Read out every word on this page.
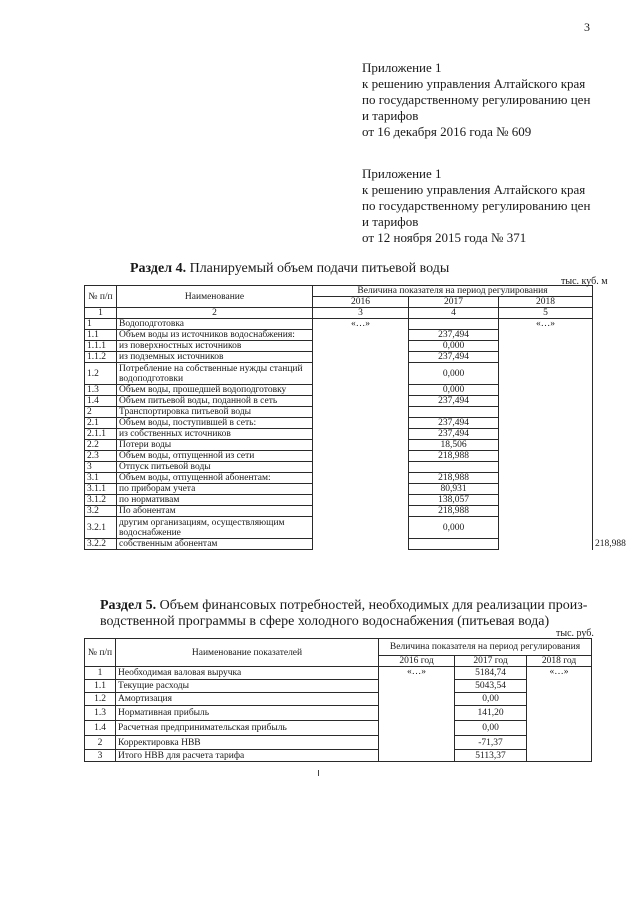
3
Приложение 1
к решению управления Алтайского края
по государственному регулированию цен
и тарифов
от 16 декабря 2016 года № 609
Приложение 1
к решению управления Алтайского края
по государственному регулированию цен
и тарифов
от 12 ноября 2015 года № 371
Раздел 4. Планируемый объем подачи питьевой воды
тыс. куб. м
№ п/п	Наименование	Величина показателя на период регулирования			
		2016	2017	2018	
1	2	3	4	5	
1	Водоподготовка	«…»		«…»	
1.1	Объем воды из источников водоснабжения:		237,494		
1.1.1	из поверхностных источников		0,000		
1.1.2	из подземных источников		237,494		
1.2	Потребление на собственные нужды станций водоподготовки		0,000		
1.3	Объем воды, прошедшей водоподготовку		0,000		
1.4	Объем питьевой воды, поданной в сеть		237,494		
2	Транспортировка питьевой воды				
2.1	Объем воды, поступившей в сеть:		237,494		
2.1.1	из собственных источников		237,494		
2.2	Потери воды		18,506		
2.3	Объем воды, отпущенной из сети		218,988		
3	Отпуск питьевой воды				
3.1	Объем воды, отпущенной абонентам:		218,988		
3.1.1	по приборам учета		80,931		
3.1.2	по нормативам		138,057		
3.2	По абонентам		218,988		
3.2.1	другим организациям, осуществляющим водоснабжение		0,000		
3.2.2	собственным абонентам				218,988	
Раздел 5. Объем финансовых потребностей, необходимых для реализации произ-
водственной программы в сфере холодного водоснабжения (питьевая вода)
тыс. руб.
№ п/п	Наименование показателей	Величина показателя на период регулирования		
		2016 год	2017 год	2018 год
1	Необходимая валовая выручка	«…»	5184,74	«…»
1.1	Текущие расходы		5043,54	
1.2	Амортизация		0,00	
1.3	Нормативная прибыль		141,20	
1.4	Расчетная предпринимательская прибыль		0,00	
2	Корректировка НВВ		-71,37	
3	Итого НВВ для расчета тарифа		5113,37	
